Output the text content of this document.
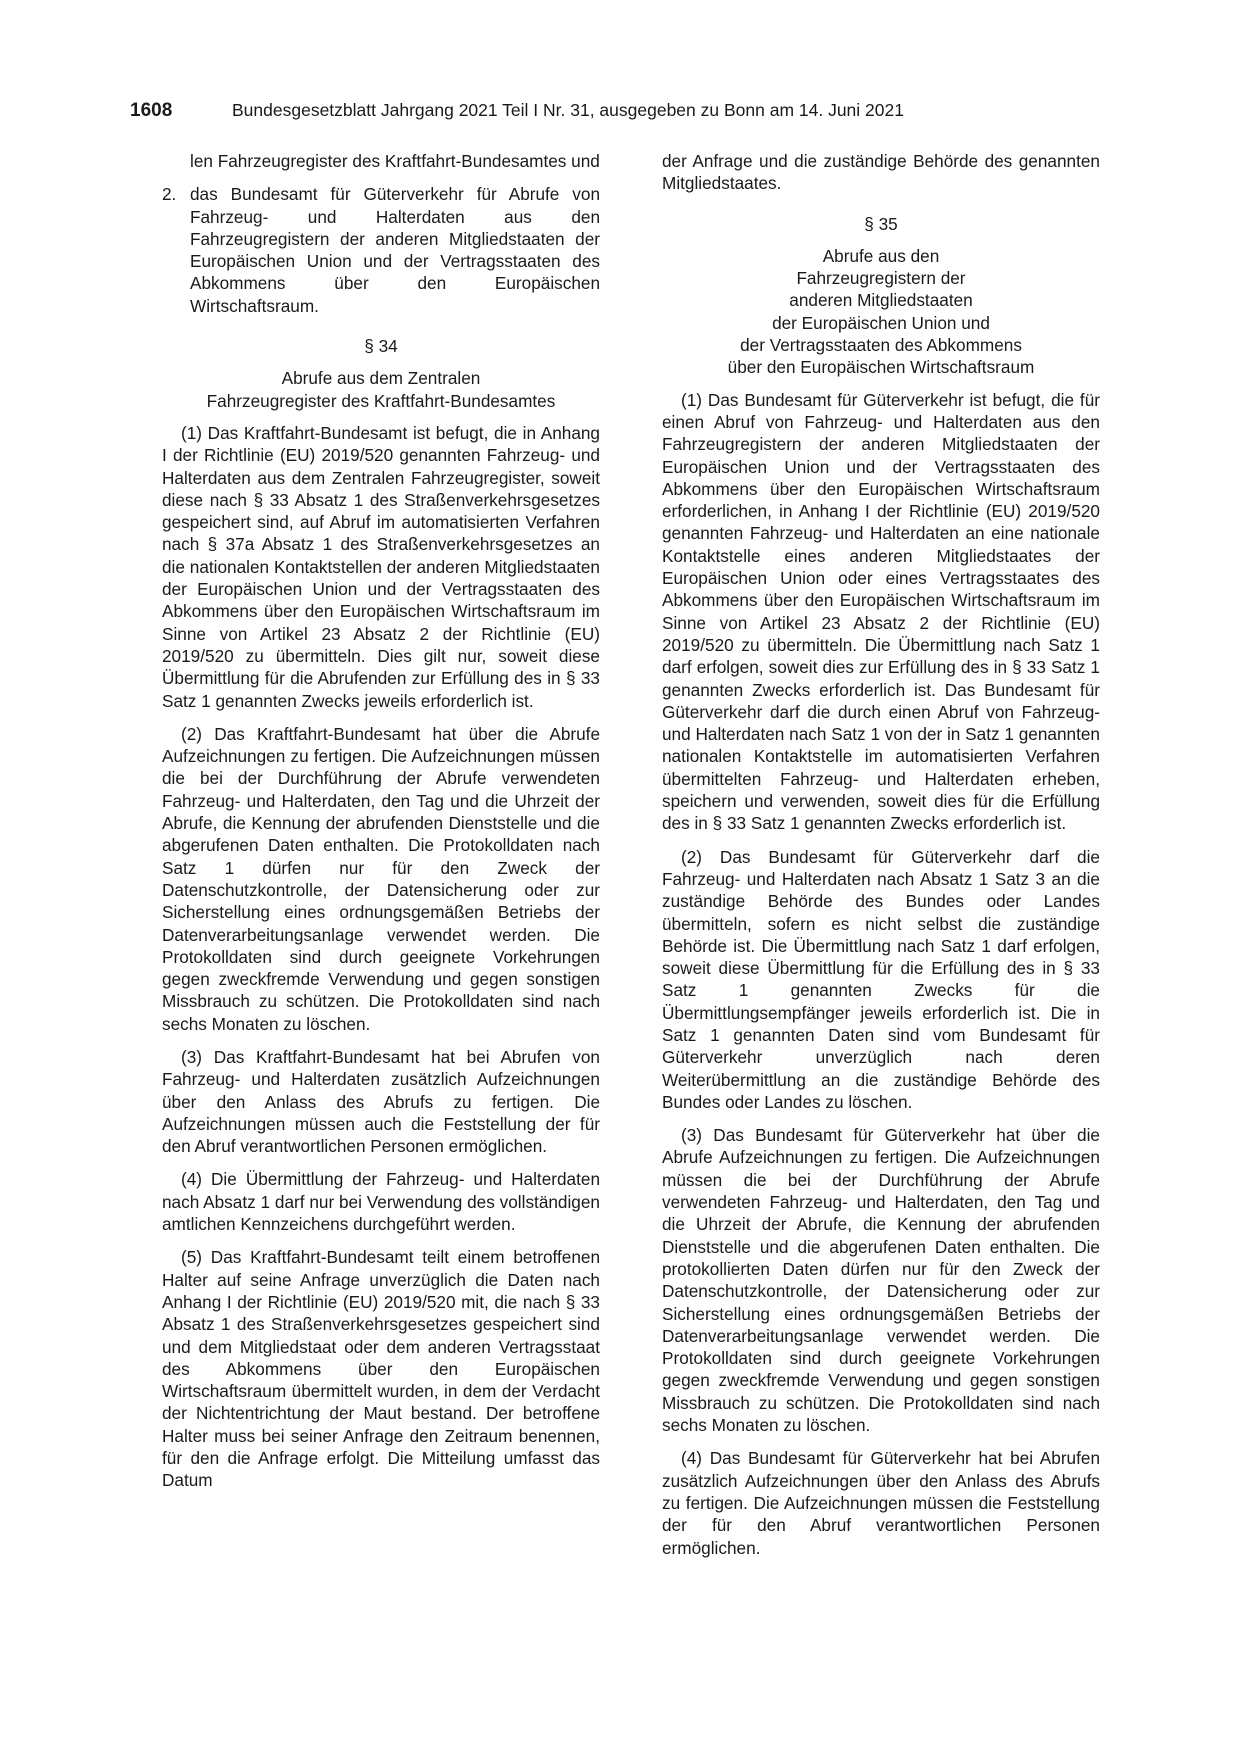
1608	Bundesgesetzblatt Jahrgang 2021 Teil I Nr. 31, ausgegeben zu Bonn am 14. Juni 2021

len Fahrzeugregister des Kraftfahrt-Bundesamtes und

2. das Bundesamt für Güterverkehr für Abrufe von Fahrzeug- und Halterdaten aus den Fahrzeugregistern der anderen Mitgliedstaaten der Europäischen Union und der Vertragsstaaten des Abkommens über den Europäischen Wirtschaftsraum.
§ 34
Abrufe aus dem Zentralen
Fahrzeugregister des Kraftfahrt-Bundesamtes

(1) Das Kraftfahrt-Bundesamt ist befugt, die in Anhang I der Richtlinie (EU) 2019/520 genannten Fahrzeug- und Halterdaten aus dem Zentralen Fahrzeugregister, soweit diese nach § 33 Absatz 1 des Straßenverkehrsgesetzes gespeichert sind, auf Abruf im automatisierten Verfahren nach § 37a Absatz 1 des Straßenverkehrsgesetzes an die nationalen Kontaktstellen der anderen Mitgliedstaaten der Europäischen Union und der Vertragsstaaten des Abkommens über den Europäischen Wirtschaftsraum im Sinne von Artikel 23 Absatz 2 der Richtlinie (EU) 2019/520 zu übermitteln. Dies gilt nur, soweit diese Übermittlung für die Abrufenden zur Erfüllung des in § 33 Satz 1 genannten Zwecks jeweils erforderlich ist.

(2) Das Kraftfahrt-Bundesamt hat über die Abrufe Aufzeichnungen zu fertigen. Die Aufzeichnungen müssen die bei der Durchführung der Abrufe verwendeten Fahrzeug- und Halterdaten, den Tag und die Uhrzeit der Abrufe, die Kennung der abrufenden Dienststelle und die abgerufenen Daten enthalten. Die Protokolldaten nach Satz 1 dürfen nur für den Zweck der Datenschutzkontrolle, der Datensicherung oder zur Sicherstellung eines ordnungsgemäßen Betriebs der Datenverarbeitungsanlage verwendet werden. Die Protokolldaten sind durch geeignete Vorkehrungen gegen zweckfremde Verwendung und gegen sonstigen Missbrauch zu schützen. Die Protokolldaten sind nach sechs Monaten zu löschen.

(3) Das Kraftfahrt-Bundesamt hat bei Abrufen von Fahrzeug- und Halterdaten zusätzlich Aufzeichnungen über den Anlass des Abrufs zu fertigen. Die Aufzeichnungen müssen auch die Feststellung der für den Abruf verantwortlichen Personen ermöglichen.

(4) Die Übermittlung der Fahrzeug- und Halterdaten nach Absatz 1 darf nur bei Verwendung des vollständigen amtlichen Kennzeichens durchgeführt werden.

(5) Das Kraftfahrt-Bundesamt teilt einem betroffenen Halter auf seine Anfrage unverzüglich die Daten nach Anhang I der Richtlinie (EU) 2019/520 mit, die nach § 33 Absatz 1 des Straßenverkehrsgesetzes gespeichert sind und dem Mitgliedstaat oder dem anderen Vertragsstaat des Abkommens über den Europäischen Wirtschaftsraum übermittelt wurden, in dem der Verdacht der Nichtentrichtung der Maut bestand. Der betroffene Halter muss bei seiner Anfrage den Zeitraum benennen, für den die Anfrage erfolgt. Die Mitteilung umfasst das Datum

der Anfrage und die zuständige Behörde des genannten Mitgliedstaates.

§ 35
Abrufe aus den
Fahrzeugregistern der
anderen Mitgliedstaaten
der Europäischen Union und
der Vertragsstaaten des Abkommens
über den Europäischen Wirtschaftsraum

(1) Das Bundesamt für Güterverkehr ist befugt, die für einen Abruf von Fahrzeug- und Halterdaten aus den Fahrzeugregistern der anderen Mitgliedstaaten der Europäischen Union und der Vertragsstaaten des Abkommens über den Europäischen Wirtschaftsraum erforderlichen, in Anhang I der Richtlinie (EU) 2019/520 genannten Fahrzeug- und Halterdaten an eine nationale Kontaktstelle eines anderen Mitgliedstaates der Europäischen Union oder eines Vertragsstaates des Abkommens über den Europäischen Wirtschaftsraum im Sinne von Artikel 23 Absatz 2 der Richtlinie (EU) 2019/520 zu übermitteln. Die Übermittlung nach Satz 1 darf erfolgen, soweit dies zur Erfüllung des in § 33 Satz 1 genannten Zwecks erforderlich ist. Das Bundesamt für Güterverkehr darf die durch einen Abruf von Fahrzeug- und Halterdaten nach Satz 1 von der in Satz 1 genannten nationalen Kontaktstelle im automatisierten Verfahren übermittelten Fahrzeug- und Halterdaten erheben, speichern und verwenden, soweit dies für die Erfüllung des in § 33 Satz 1 genannten Zwecks erforderlich ist.

(2) Das Bundesamt für Güterverkehr darf die Fahrzeug- und Halterdaten nach Absatz 1 Satz 3 an die zuständige Behörde des Bundes oder Landes übermitteln, sofern es nicht selbst die zuständige Behörde ist. Die Übermittlung nach Satz 1 darf erfolgen, soweit diese Übermittlung für die Erfüllung des in § 33 Satz 1 genannten Zwecks für die Übermittlungsempfänger jeweils erforderlich ist. Die in Satz 1 genannten Daten sind vom Bundesamt für Güterverkehr unverzüglich nach deren Weiterübermittlung an die zuständige Behörde des Bundes oder Landes zu löschen.

(3) Das Bundesamt für Güterverkehr hat über die Abrufe Aufzeichnungen zu fertigen. Die Aufzeichnungen müssen die bei der Durchführung der Abrufe verwendeten Fahrzeug- und Halterdaten, den Tag und die Uhrzeit der Abrufe, die Kennung der abrufenden Dienststelle und die abgerufenen Daten enthalten. Die protokollierten Daten dürfen nur für den Zweck der Datenschutzkontrolle, der Datensicherung oder zur Sicherstellung eines ordnungsgemäßen Betriebs der Datenverarbeitungsanlage verwendet werden. Die Protokolldaten sind durch geeignete Vorkehrungen gegen zweckfremde Verwendung und gegen sonstigen Missbrauch zu schützen. Die Protokolldaten sind nach sechs Monaten zu löschen.

(4) Das Bundesamt für Güterverkehr hat bei Abrufen zusätzlich Aufzeichnungen über den Anlass des Abrufs zu fertigen. Die Aufzeichnungen müssen die Feststellung der für den Abruf verantwortlichen Personen ermöglichen.
